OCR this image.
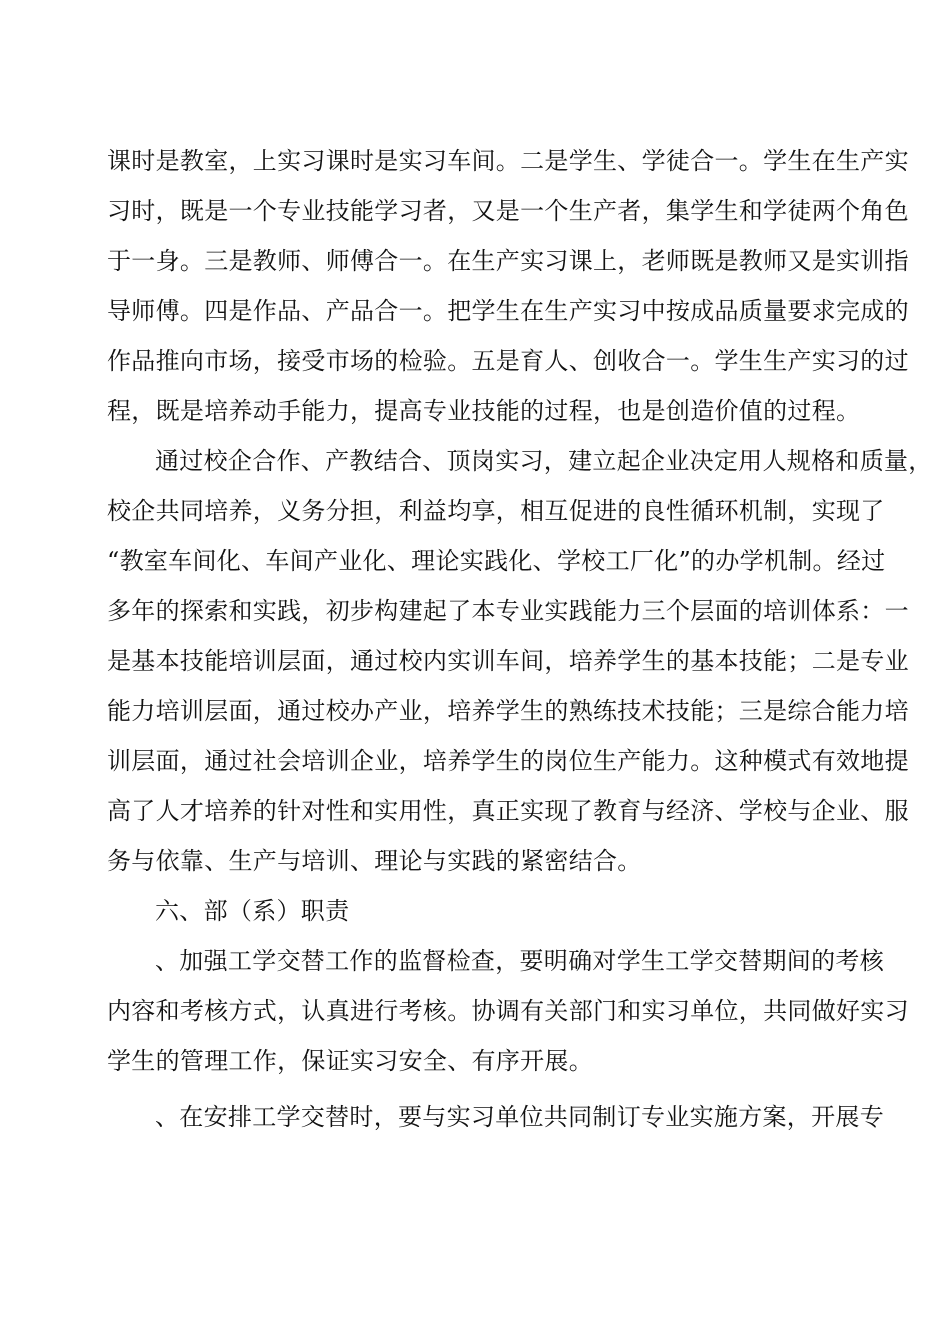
课时是教室，上实习课时是实习车间。二是学生、学徒合一。学生在生产实
习时，既是一个专业技能学习者，又是一个生产者，集学生和学徒两个角色
于一身。三是教师、师傅合一。在生产实习课上，老师既是教师又是实训指
导师傅。四是作品、产品合一。把学生在生产实习中按成品质量要求完成的
作品推向市场，接受市场的检验。五是育人、创收合一。学生生产实习的过
程，既是培养动手能力，提高专业技能的过程，也是创造价值的过程。
通过校企合作、产教结合、顶岗实习，建立起企业决定用人规格和质量，
校企共同培养，义务分担，利益均享，相互促进的良性循环机制，实现了
“教室车间化、车间产业化、理论实践化、学校工厂化”的办学机制。经过
多年的探索和实践，初步构建起了本专业实践能力三个层面的培训体系：一
是基本技能培训层面，通过校内实训车间，培养学生的基本技能；二是专业
能力培训层面，通过校办产业，培养学生的熟练技术技能；三是综合能力培
训层面，通过社会培训企业，培养学生的岗位生产能力。这种模式有效地提
高了人才培养的针对性和实用性，真正实现了教育与经济、学校与企业、服
务与依靠、生产与培训、理论与实践的紧密结合。
六、部（系）职责
、加强工学交替工作的监督检查，要明确对学生工学交替期间的考核
内容和考核方式，认真进行考核。协调有关部门和实习单位，共同做好实习
学生的管理工作，保证实习安全、有序开展。
、在安排工学交替时，要与实习单位共同制订专业实施方案，开展专
